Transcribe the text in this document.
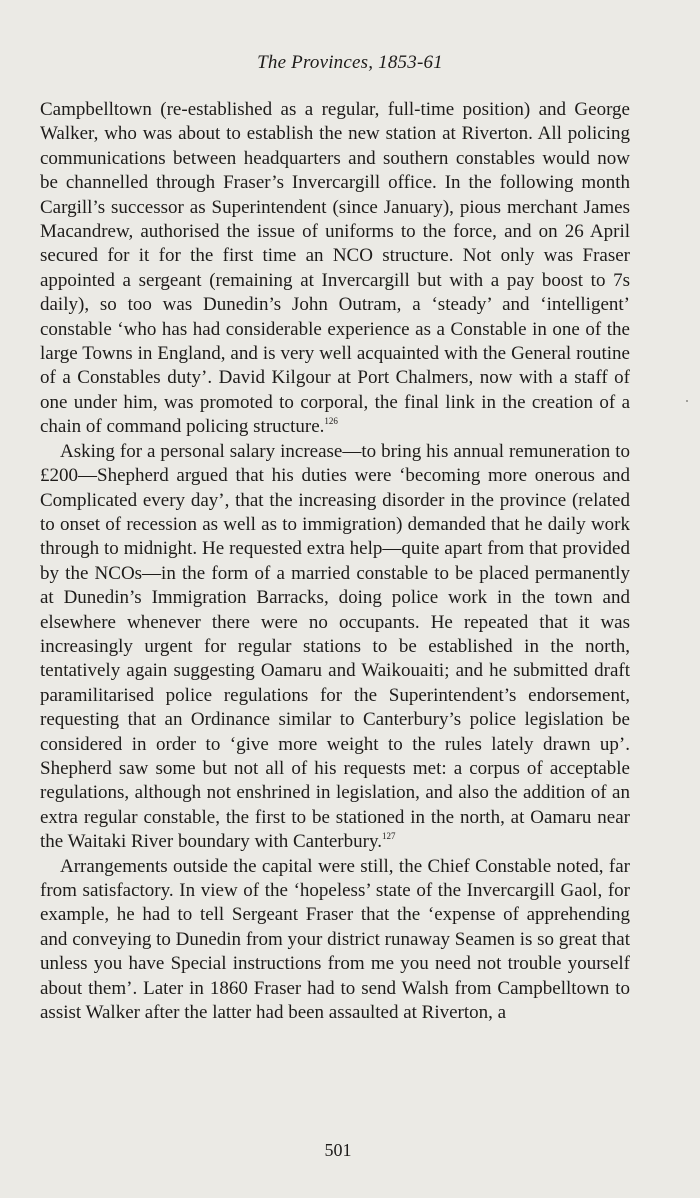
The Provinces, 1853-61

Campbelltown (re-established as a regular, full-time position) and George Walker, who was about to establish the new station at Riverton. All policing communications between headquarters and southern constables would now be channelled through Fraser’s Invercargill office. In the following month Cargill’s successor as Superintendent (since January), pious merchant James Macandrew, authorised the issue of uniforms to the force, and on 26 April secured for it for the first time an NCO structure. Not only was Fraser appointed a sergeant (remaining at Invercargill but with a pay boost to 7s daily), so too was Dunedin’s John Outram, a ‘steady’ and ‘intelligent’ constable ‘who has had considerable experience as a Constable in one of the large Towns in England, and is very well acquainted with the General routine of a Constables duty’. David Kilgour at Port Chalmers, now with a staff of one under him, was promoted to corporal, the final link in the creation of a chain of command policing structure.$^{126}$

Asking for a personal salary increase—to bring his annual remuneration to £200—Shepherd argued that his duties were ‘becoming more onerous and Complicated every day’, that the increasing disorder in the province (related to onset of recession as well as to immigration) demanded that he daily work through to midnight. He requested extra help—quite apart from that provided by the NCOs—in the form of a married constable to be placed permanently at Dunedin’s Immigration Barracks, doing police work in the town and elsewhere whenever there were no occupants. He repeated that it was increasingly urgent for regular stations to be established in the north, tentatively again suggesting Oamaru and Waikouaiti; and he submitted draft paramilitarised police regulations for the Superintendent’s endorsement, requesting that an Ordinance similar to Canterbury’s police legislation be considered in order to ‘give more weight to the rules lately drawn up’. Shepherd saw some but not all of his requests met: a corpus of acceptable regulations, although not enshrined in legislation, and also the addition of an extra regular constable, the first to be stationed in the north, at Oamaru near the Waitaki River boundary with Canterbury.$^{127}$

Arrangements outside the capital were still, the Chief Constable noted, far from satisfactory. In view of the ‘hopeless’ state of the Invercargill Gaol, for example, he had to tell Sergeant Fraser that the ‘expense of apprehending and conveying to Dunedin from your district runaway Seamen is so great that unless you have Special instructions from me you need not trouble yourself about them’. Later in 1860 Fraser had to send Walsh from Campbelltown to assist Walker after the latter had been assaulted at Riverton, a

501
